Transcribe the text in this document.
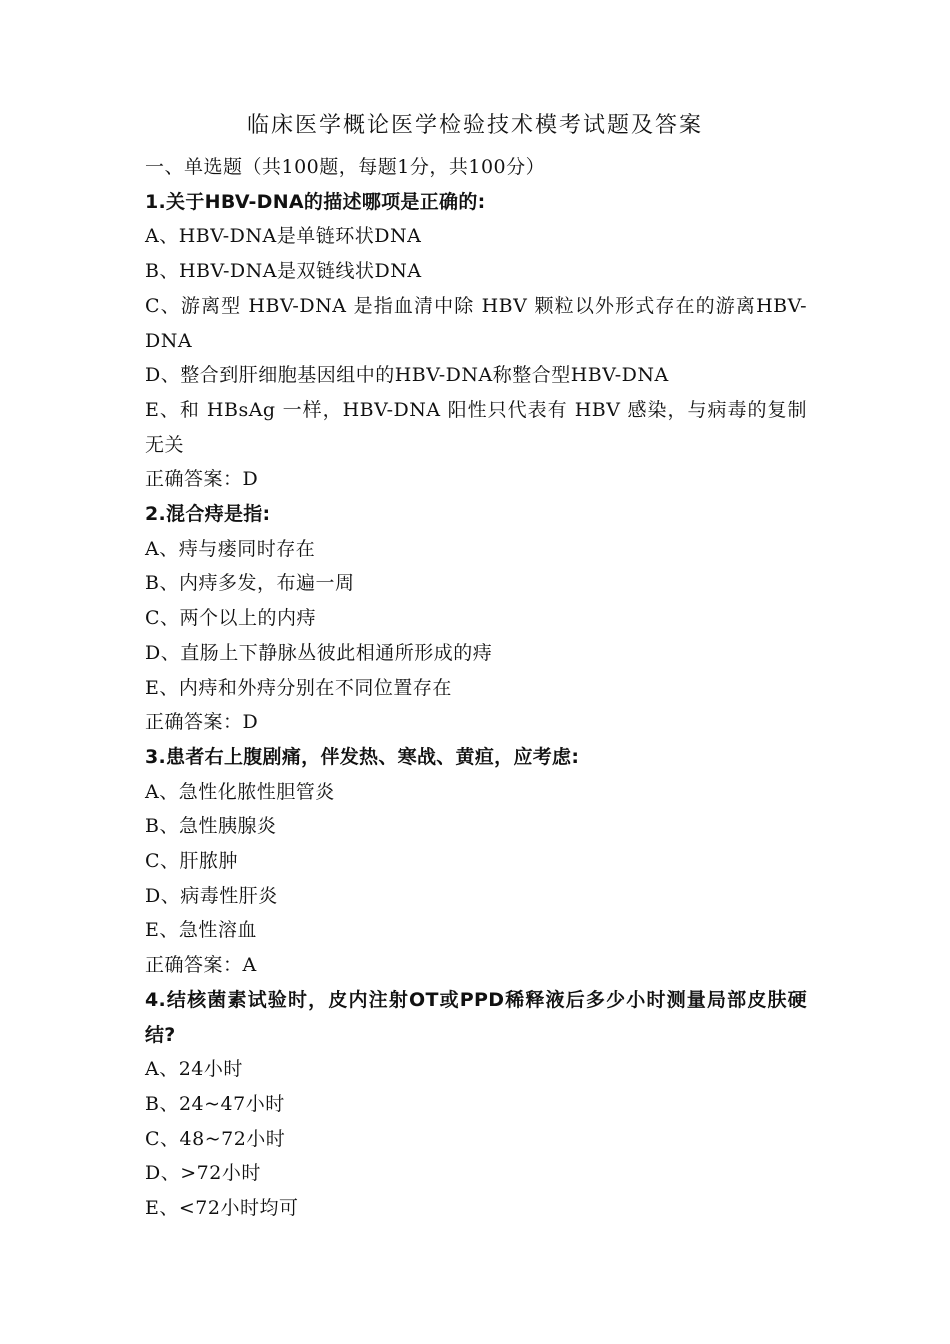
临床医学概论医学检验技术模考试题及答案
一、单选题（共100题，每题1分，共100分）
1.关于HBV-DNA的描述哪项是正确的:
A、HBV-DNA是单链环状DNA
B、HBV-DNA是双链线状DNA
C、游离型 HBV-DNA 是指血清中除 HBV 颗粒以外形式存在的游离HBV-DNA
D、整合到肝细胞基因组中的HBV-DNA称整合型HBV-DNA
E、和 HBsAg 一样，HBV-DNA 阳性只代表有 HBV 感染，与病毒的复制无关
正确答案：D
2.混合痔是指:
A、痔与瘘同时存在
B、内痔多发，布遍一周
C、两个以上的内痔
D、直肠上下静脉丛彼此相通所形成的痔
E、内痔和外痔分别在不同位置存在
正确答案：D
3.患者右上腹剧痛，伴发热、寒战、黄疸，应考虑:
A、急性化脓性胆管炎
B、急性胰腺炎
C、肝脓肿
D、病毒性肝炎
E、急性溶血
正确答案：A
4.结核菌素试验时，皮内注射OT或PPD稀释液后多少小时测量局部皮肤硬结?
A、24小时
B、24~47小时
C、48~72小时
D、>72小时
E、<72小时均可
